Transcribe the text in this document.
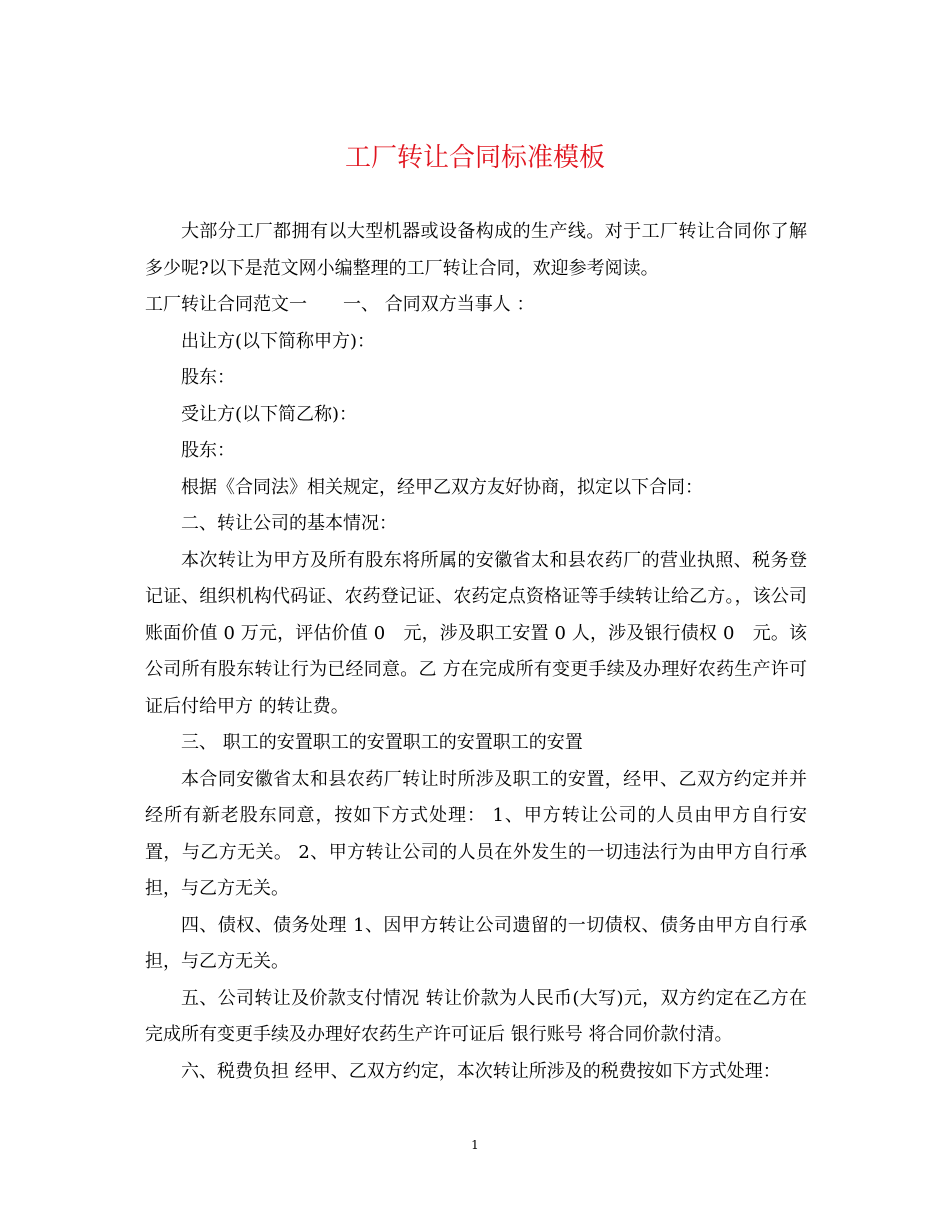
工厂转让合同标准模板

大部分工厂都拥有以大型机器或设备构成的生产线。对于工厂转让合同你了解多少呢?以下是范文网小编整理的工厂转让合同，欢迎参考阅读。

工厂转让合同范文一　　一、 合同双方当事人 ：

出让方(以下简称甲方)：

股东：

受让方(以下简乙称)：

股东：

根据《合同法》相关规定，经甲乙双方友好协商，拟定以下合同：

二、转让公司的基本情况：

本次转让为甲方及所有股东将所属的安徽省太和县农药厂的营业执照、税务登记证、组织机构代码证、农药登记证、农药定点资格证等手续转让给乙方。，该公司账面价值 0 万元，评估价值 0　元，涉及职工安置 0 人，涉及银行债权 0　元。该公司所有股东转让行为已经同意。乙 方在完成所有变更手续及办理好农药生产许可证后付给甲方 的转让费。

三、 职工的安置职工的安置职工的安置职工的安置

本合同安徽省太和县农药厂转让时所涉及职工的安置，经甲、乙双方约定并并经所有新老股东同意，按如下方式处理： 1、甲方转让公司的人员由甲方自行安置，与乙方无关。 2、甲方转让公司的人员在外发生的一切违法行为由甲方自行承担，与乙方无关。

四、债权、债务处理 1、因甲方转让公司遗留的一切债权、债务由甲方自行承担，与乙方无关。

五、公司转让及价款支付情况 转让价款为人民币(大写)元，双方约定在乙方在完成所有变更手续及办理好农药生产许可证后 银行账号 将合同价款付清。

六、税费负担 经甲、乙双方约定，本次转让所涉及的税费按如下方式处理：

1
